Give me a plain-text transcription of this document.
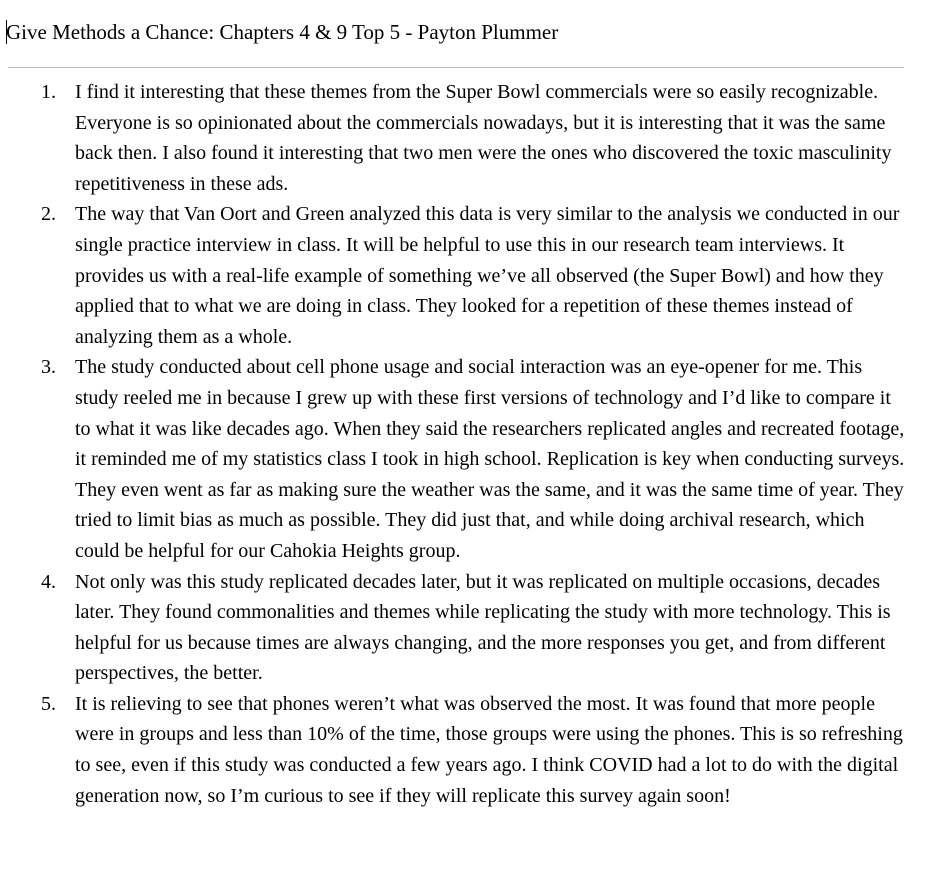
Give Methods a Chance: Chapters 4 & 9 Top 5 - Payton Plummer
1. I find it interesting that these themes from the Super Bowl commercials were so easily recognizable. Everyone is so opinionated about the commercials nowadays, but it is interesting that it was the same back then. I also found it interesting that two men were the ones who discovered the toxic masculinity repetitiveness in these ads.
2. The way that Van Oort and Green analyzed this data is very similar to the analysis we conducted in our single practice interview in class. It will be helpful to use this in our research team interviews. It provides us with a real-life example of something we’ve all observed (the Super Bowl) and how they applied that to what we are doing in class. They looked for a repetition of these themes instead of analyzing them as a whole.
3. The study conducted about cell phone usage and social interaction was an eye-opener for me. This study reeled me in because I grew up with these first versions of technology and I’d like to compare it to what it was like decades ago. When they said the researchers replicated angles and recreated footage, it reminded me of my statistics class I took in high school. Replication is key when conducting surveys. They even went as far as making sure the weather was the same, and it was the same time of year. They tried to limit bias as much as possible. They did just that, and while doing archival research, which could be helpful for our Cahokia Heights group.
4. Not only was this study replicated decades later, but it was replicated on multiple occasions, decades later. They found commonalities and themes while replicating the study with more technology. This is helpful for us because times are always changing, and the more responses you get, and from different perspectives, the better.
5. It is relieving to see that phones weren’t what was observed the most. It was found that more people were in groups and less than 10% of the time, those groups were using the phones. This is so refreshing to see, even if this study was conducted a few years ago. I think COVID had a lot to do with the digital generation now, so I’m curious to see if they will replicate this survey again soon!
